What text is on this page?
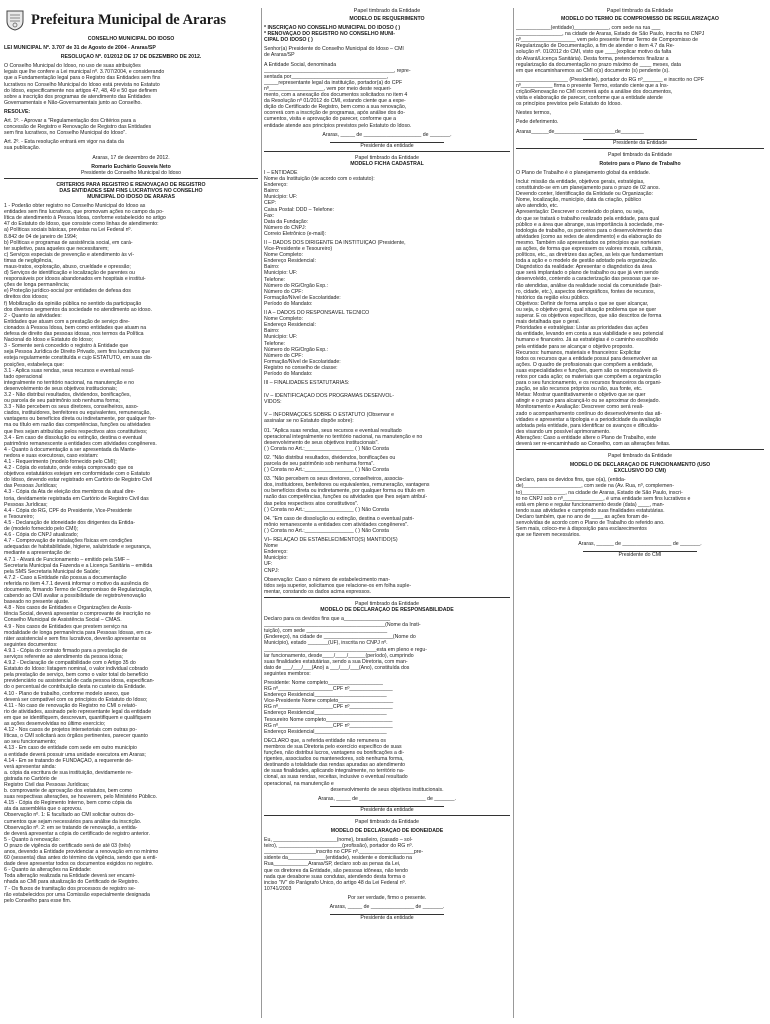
Prefeitura Municipal de Araras
CONSELHO MUNICIPAL DO IDOSO
LEI MUNICIPAL Nº. 3.707 de 31 de Agosto de 2004 - Araras/SP
RESOLUÇÃO Nº. 01/2012 DE 17 DE DEZEMBRO DE 2012.
O Conselho Municipal do Idoso, no uso de suas atribuições
legais que lhe confere a Lei municipal nº. 3.707/2004, e considerando
que a Fundamentação legal para o Registro das Entidades sem fins
lucrativos no Conselho Municipal do Idoso está prevista no Estatuto
do Idoso, especificamente nos artigos 47, 48, 49 e 50 que definem
sobre a inscrição dos programas de atendimento das Entidades
Governamentais e Não-Governamentais junto ao Conselho.
RESOLVE:
Art. 1º. - Aprovar a "Regulamentação dos Critérios para a
concessão de Registro e Renovação de Registro das Entidades
sem fins lucrativos, no Conselho Municipal do Idoso".
Art. 2º. - Esta resolução entrará em vigor na data da
sua publicação.
Araras, 17 de dezembro de 2012.
Romario Euchário Gouveia Neto
Presidente do Conselho Municipal do Idoso
CRITÉRIOS PARA REGISTRO E RENOVAÇÃO DE REGISTRO
DAS ENTIDADES SEM FINS LUCRATIVOS NO CONSELHO
MUNICIPAL DO IDOSO DE ARARAS
1 - Poderão obter registro no Conselho Municipal do Idoso as
entidades sem fins lucrativos, que promovam ações no campo da po-
lítica de atendimento à Pessoa Idosa, conforme estabelecido no artigo
47 do Estatuto do Idoso, que consiste como linhas de atendimento:
a) Políticas sociais básicas, previstas na Lei Federal nº.
8.842 de 04 de janeiro de 1994;
b) Políticas e programas de assistência social, em cará-
ter supletivo, para aqueles que necessitarem;
c) Serviços especiais de prevenção e atendimento às ví-
timas de negligência,
maus-tratos, exploração, abuso, crueldade e opressão;
d) Serviços de identificação e localização de parentes ou
responsáveis por idosos abandonados em hospitais e institui-
ções de longa permanência;
e) Proteção jurídico-social por entidades de defesa dos
direitos dos idosos;
f) Mobilização da opinião pública no sentido da participação
dos diversos segmentos da sociedade no atendimento ao idoso.
2 - Quanto às atividades:
Entidades que atuam com a prestação de serviço dire-
cionados à Pessoa Idosa, bem como entidades que atuam na
defesa de direito das pessoas idosas, nos termos da Política
Nacional do Idoso e Estatuto do Idoso;
3 - Somente será concedido o registro à Entidade que
seja Pessoa Jurídica de Direito Privado, sem fins lucrativos que
esteja regularmente constituída e cujo ESTATUTO, em suas dis-
posições, estabeleça que:
3.1 - Aplica suas rendas, seus recursos e eventual resul-
tado operacional
integralmente no território nacional, na manutenção e no
desenvolvimento de seus objetivos institucionais;
3.2 - Não distribui resultados, dividendos, bonificações,
ou parcela de seu patrimônio sob nenhuma forma;
3.3 - Não percebem os seus diretores, conselheiros, asso-
ciados, instituidores, benfeitores ou equivalentes, remuneração,
vantagens ou benefícios direta ou indiretamente, por qualquer for-
ma ou título em razão das competências, funções ou atividades
que lhes sejam atribuídas pelos respectivos atos constitutivos;
3.4 - Em caso de dissolução ou extinção, destina o eventual
patrimônio remanescente a entidades com atividades congêneres.
4 - Quanto à documentação a ser apresentada da Mante-
nedora e suas executoras, caso existam:
4.1 - Requerimento (modelo fornecido pelo CMI);
4.2 - Cópia do estatuto, onde esteja comprovado que os
objetivos estatutários estejam em conformidade com o Estatuto
do Idoso, devendo estar registrado em Cartório de Registro Civil
das Pessoas Jurídicas;
4.3 - Cópia da Ata de eleição dos membros da atual dire-
toria, devidamente registrada em Cartório de Registro Civil das
Pessoas Jurídicas;
4.4 - Cópia do RG, CPF do Presidente, Vice-Presidente
e Tesoureiro;
4.5 - Declaração de idoneidade dos dirigentes da Entida-
de (modelo fornecido pelo CMI);
4.6 - Cópia do CNPJ atualizado;
4.7 - Comprovação de instalações físicas em condições
adequadas de habitabilidade, higiene, salubridade e segurança,
mediante a apresentação de:
4.7.1 - Alvará de Funcionamento – emitido pela SMF –
Secretaria Municipal da Fazenda e a Licença Sanitária – emitida
pela SMS Secretaria Municipal de Saúde;
4.7.2 - Caso a Entidade não possua a documentação
referida no item 4.7.1 deverá informar o motivo da ausência do
documento, firmando Termo de Compromisso de Regularização,
cabendo ao CMI avaliar a possibilidade de registro/renovação
baseado no presente ajuste.
4.8 - Nos casos de Entidades e Organizações de Assis-
tência Social, deverá apresentar o comprovante de inscrição no
Conselho Municipal de Assistência Social – CMAS.
4.9 - Nos casos de Entidades que prestem serviço na
modalidade de longa permanência para Pessoas Idosas, em ca-
ráter assistencial e sem fins lucrativos, deverão apresentar os
seguintes documentos:
4.9.1 - Cópia do contrato firmado para a prestação de
serviços referente ao atendimento da pessoa idosa;
4.9.2 - Declaração de compatibilidade com o Artigo 35 do
Estatuto do Idoso: listagem nominal, o valor individual cobrado
pela prestação de serviço, bem como o valor total do benefício
previdenciário ou assistencial de cada pessoa idosa, especifican-
do o percentual de contribuição desta no custeio da Entidade.
4.10 - Plano de trabalho, conforme modelo anexo, que
deverá ser compatível com os princípios do Estatuto do Idoso;
4.11 - No caso de renovação do Registro no CMI o relató-
rio de atividades, assinado pelo representante legal da entidade
em que se identifiquem, descrevam, quantifiquem e qualifiquem
as ações desenvolvidas no último exercício;
4.12 - Nos casos de projetos intersetoriais com outras po-
líticas, o CMI solicitará aos órgãos pertinentes, parecer quanto
ao seu funcionamento;
4.13 - Em caso de entidade com sede em outro município
a entidade deverá possuir uma unidade executora em Araras;
4.14 - Em se tratando de FUNDAÇÃO, a requerente de-
verá apresentar ainda:
a. cópia da escritura de sua instituição, devidamente re-
gistrada no Cartório de
Registro Civil das Pessoas Jurídicas;
b. comprovante de aprovação dos estatutos, bem como
suas respectivas alterações, se houverem, pelo Ministério Público.
4.15 - Cópia do Regimento Interno, bem como cópia da
ata da assembléia que o aprovou.
Observação nº. 1: É facultado ao CMI solicitar outros do-
cumentos que sejam necessários para análise da inscrição.
Observação nº. 2: em se tratando de renovação, a entida-
de deverá apresentar a cópia do certificado de registro anterior.
5 - Quanto à renovação:
O prazo de vigência do certificado será de até 03 (três)
anos, devendo a Entidade providenciar a renovação em no mínimo
60 (sessenta) dias antes do término da vigência, sendo que a enti-
dade deve apresentar todos os documentos exigidos no registro.
6 - Quanto às alterações na Entidade:
Toda alteração realizada na Entidade deverá ser encami-
nhada ao CMI para atualização do Certificado de Registro.
7 - Os fluxos de tramitação dos processos de registro se-
rão estabelecidos por uma Comissão especialmente designada
pelo Conselho para esse fim.
Papel timbrado da Entidade
MODELO DE REQUERIMENTO
* INSCRIÇÃO NO CONSELHO MUNICIPAL DO IDOSO ( )
* RENOVAÇÃO DO REGISTRO NO CONSELHO MUNI-
CIPAL DO IDOSO ( )
Senhor(a) Presidente do Conselho Municipal do Idoso – CMI
de Araras/SP
A Entidade Social, denominada
_____________________________________________, repre-
sentada por_________________________________,
_____representante legal da instituição, portador(a) do CPF
nº___________________, vem por meio deste requeri-
mento, com a anexação dos documentos solicitados no item 4
da Resolução nº 01/2012 do CMI, estando ciente que a expe-
dição do Certificado de Registro, bem como a sua renovação,
ocorrerá com a inscrição de programas, após análise dos do-
cumentos, visita e aprovação do parecer, conforme que a
entidade atende aos princípios previstos pelo Estatuto do Idoso.
Araras, _____ de ____________________ de _______.
Presidente da entidade
Papel timbrado da Entidade
MODELO FICHA CADASTRAL
I – ENTIDADE
Nome da Instituição (de acordo com o estatuto):
Endereço:
Bairro:
Município: UF:
CEP:
Caixa Postal: DDD – Telefone:
Fax:
Data da Fundação:
Número do CNPJ:
Correio Eletrônico (e-mail):
II – DADOS DOS DIRIGENTE DA INSTITUIÇÃO (Presidente,
Vice-Presidente e Tesoureiro)
Nome Completo:
Endereço Residencial:
Bairro:
Município: UF:
Telefone:
Número do RG/Órgão Exp.:
Número do CPF:
Formação/Nível de Escolaridade:
Período do Mandato:
II A – DADOS DO RESPONSÁVEL TÉCNICO
Nome Completo:
Endereço Residencial:
Bairro:
Município: UF:
Telefone:
Número do RG/Órgão Exp.:
Número do CPF:
Formação/Nível de Escolaridade:
Registro no conselho de classe:
Período do Mandato:
III – FINALIDADES ESTATUTÁRIAS:
IV – IDENTIFICAÇÃO DOS PROGRAMAS DESENVOL-
VIDOS:
V – INFORMAÇÕES SOBRE O ESTATUTO (Observar e
assinalar se no Estatuto dispõe sobre):
01. "Aplica suas rendas, seus recursos e eventual resultado
operacional integralmente no território nacional, na manutenção e no
desenvolvimento de seus objetivos institucionais".
( ) Consta no Art.:_________________ ( ) Não Consta
02. "Não distribui resultados, dividendos, bonificações ou
parcela de seu patrimônio sob nenhuma forma".
( ) Consta no Art.:_________________ ( ) Não Consta
03. "Não percebem os seus diretores, conselheiros, associa-
dos, instituidores, benfeitores ou equivalentes, remuneração, vantagens
ou benefícios direta ou indiretamente, por qualquer forma ou título em
razão das competências, funções ou atividades que lhes sejam atribuí-
das pelos respectivos atos constitutivos".
( ) Consta no Art.:_________________ ( ) Não Consta
04. "Em caso de dissolução ou extinção, destina o eventual patri-
mônio remanescente a entidades com atividades congêneres".
( ) Consta no Art.:_________________ ( ) Não Consta
VI– RELAÇÃO DE ESTABELECIMENTO(S) MANTIDO(S)
Nome
Endereço:
Município:
UF:
CNPJ:
Observação: Caso o número de estabelecimento man-
tidos seja superior, solicitamos que relacione-os em folha suple-
mentar, constando os dados acima expressos.
Papel timbrado da Entidade
MODELO DE DECLARAÇÃO DE RESPONSABILIDADE
Declaro para os devidos fins que a________________
__________________________________________(Nome da Insti-
tuição), com sede ____________________________
(Endereço), na cidade de ________________________(Nome do
Município), estado _______(UF), inscrita no CNPJ nº.
_______________________________________esta em pleno e regu-
lar funcionamento, desde____/____/______(período), cumprindo
suas finalidades estatutárias, sendo a sua Diretoria, com man-
dato de ___/___/___(Ano) a ___/___/___(Ano), constituída dos
seguintes membros:
Presidente: Nome completo___________________
RG nº___________________CPF nº_______________
Endereço Residencial_________________________
Vice-Presidente Nome completo___________________
RG nº___________________CPF nº_______________
Endereço Residencial_________________________
Tesoureiro Nome completo_______________________
RG nº___________________CPF nº_______________
Endereço Residencial_________________________
DECLARO que, a referida entidade não remunera os
membros de sua Diretoria pelo exercício específico de suas
funções, não distribui lucros, vantagens ou bonificações a di-
rigentes, associados ou mantenedores, sob nenhuma forma,
destinando a totalidade das rendas apuradas ao atendimento
de suas finalidades, aplicando integralmente, no território na-
cional, as suas rendas, receitas, inclusive o eventual resultado
operacional, na manutenção e
desenvolvimento de seus objetivos institucionais.
Araras, _____ de _______________________ de _______.
Presidente da entidade
Papel timbrado da Entidade
MODELO DE DECLARAÇÃO DE IDONEIDADE
Eu, ______________________(nome), brasileiro, (casado – sol-
teiro), ______________________(profissão), portador do RG nº.
__________________inscrito no CPF nº.___________________pre-
sidente da_____________(entidade), residente e domiciliado na
Rua____________Araras/SP, declaro sob as penas da Lei,
que os diretores da Entidade, são pessoas idôneas, não tendo
nada que desabone suas condutas, atendendo desta forma o
inciso "IV" do Parágrafo Único, do artigo 48 da Lei Federal nº.
10741/2003
Por ser verdade, firmo o presente.
Araras, _____ de _______________ de _______.
Presidente da entidade
Papel timbrado da Entidade
MODELO DO TERMO DE COMPROMISSO DE REGULARIZAÇÃO
____________(entidade)____________, com sede na rua ___
________________, na cidade de Araras, Estado de São Paulo, inscrita no CNPJ
nº___________________ vem pelo presente firmar Termo de Compromisso de
Regularização de Documentação, a fim de atender o item 4.7 da Re-
solução nº. 01/2012 do CMI, visto que ____(explicar motivo da falta
do Alvará/Licença Sanitária). Desta forma, pretendemos finalizar a
regularização da documentação no prazo máximo de ____ meses, data
em que encaminharemos ao CMI o(s) documento (s) pendente (s).
__________________ (Presidente), portador do RG nº_______ e inscrito no CPF
nº___________ firma o presente Termo, estando ciente que a Ins-
crição/Renovação no CMI ocorrerá após a análise dos documentos,
visita e elaboração de parecer, conforme que a entidade atende
os princípios previstos pelo Estatuto do Idoso.
Nestes termos,
Pede deferimento.
Araras______de_____________________de________
Presidente da Entidade
Papel timbrado da Entidade
Roteiro para o Plano de Trabalho
O Plano de Trabalho é o planejamento global da entidade.
Inclui: missão da entidade, objetivos gerais, estratégias,
constituindo-se em um planejamento para o prazo de 02 anos.
Devendo conter, Identificação da Entidade ou Organização:
Nome, localização, município, data da criação, público
alvo atendido, etc.
Apresentação: Descrever o conteúdo do plano, ou seja,
do que se tratará o trabalho realizado pela entidade, para qual
público e a área que abrange, sua importância à sociedade, me-
todologia de trabalho, os parceiros para o desenvolvimento das
atividades (como as redes de atendimento) e da elaboração do
mesmo. Também são apresentados os princípios que norteiam
as ações, de forma que expressem os valores morais, culturais,
políticos, etc., as diretrizes das ações, as leis que fundamentam
toda a ação e o modelo de gestão adotado pela organização.
Diagnóstico da realidade: Apresentar o diagnóstico da área
que será implantado o plano de trabalho ou que já vem sendo
desenvolvido, contendo a caracterização das pessoas que se-
rão atendidas, análise da realidade social da comunidade (bair-
ro, cidade, etc.), aspectos demográficos, fontes de recursos,
histórico da região e/ou público.
Objetivos: Definir de forma ampla o que se quer alcançar,
ou seja, o objetivo geral, qual situação problema que se quer
superar. E os objetivos específicos, que são descritos de forma
mais detalhada que o geral.
Prioridades e estratégias: Listar as prioridades das ações
da entidade, levando em conta a sua viabilidade e seu potencial
humano e financeiro. Já as estratégias é o caminho escolhido
pela entidade para se alcançar o objetivo proposto.
Recursos: humanos, materiais e financeiros: Explicitar
todos os recursos que a entidade possui para desenvolver as
ações. O quadro de profissionais que compõem a entidade,
suas especialidades e funções, quem são os responsáveis di-
retos por cada ação; os materiais que compõem a organização
para o seu funcionamento, e os recursos financeiros da organi-
zação, se são recursos próprios ou não, sua fonte, etc.
Metas: Mostrar quantitativamente o objetivo que se quer
atingir e o prazo para alcançá-lo ou se aproximar do desejado.
Monitoramento e Avaliação: Descrever como será reali-
zado o acompanhamento contínuo do desenvolvimento das ati-
vidades e apresentar a tipologia e a periodicidade da avaliação
adotada pela entidade, para identificar os avanços e dificulda-
des visando um possível aprimoramento.
Alterações: Caso a entidade altere o Plano de Trabalho, este
deverá ser re-encaminhado ao Conselho, com as alterações feitas.
Papel timbrado da Entidade
MODELO DE DECLARAÇÃO DE FUNCIONAMENTO (USO
EXCLUSIVO DO CMI)
Declaro, para os devidos fins, que o(a), (entida-
de)____________________, com sede na (Av. Rua, nº, complemen-
to)_______________, na cidade de Araras, Estado de São Paulo, inscri-
to no CNPJ sob o nº______________, é uma entidade sem fins lucrativos e
está em pleno e regular funcionamento desde (data) ____, man-
tendo suas atividades e cumprindo suas finalidades estatutárias.
Declaro também, que no ano de ____ as ações foram de-
senvolvidas de acordo com o Plano de Trabalho do referido ano.
Sem mais, coloco-me à disposição para esclarecimentos
que se fizerem necessários.
Araras, ______ de _________________ de _______.
Presidente do CMI
